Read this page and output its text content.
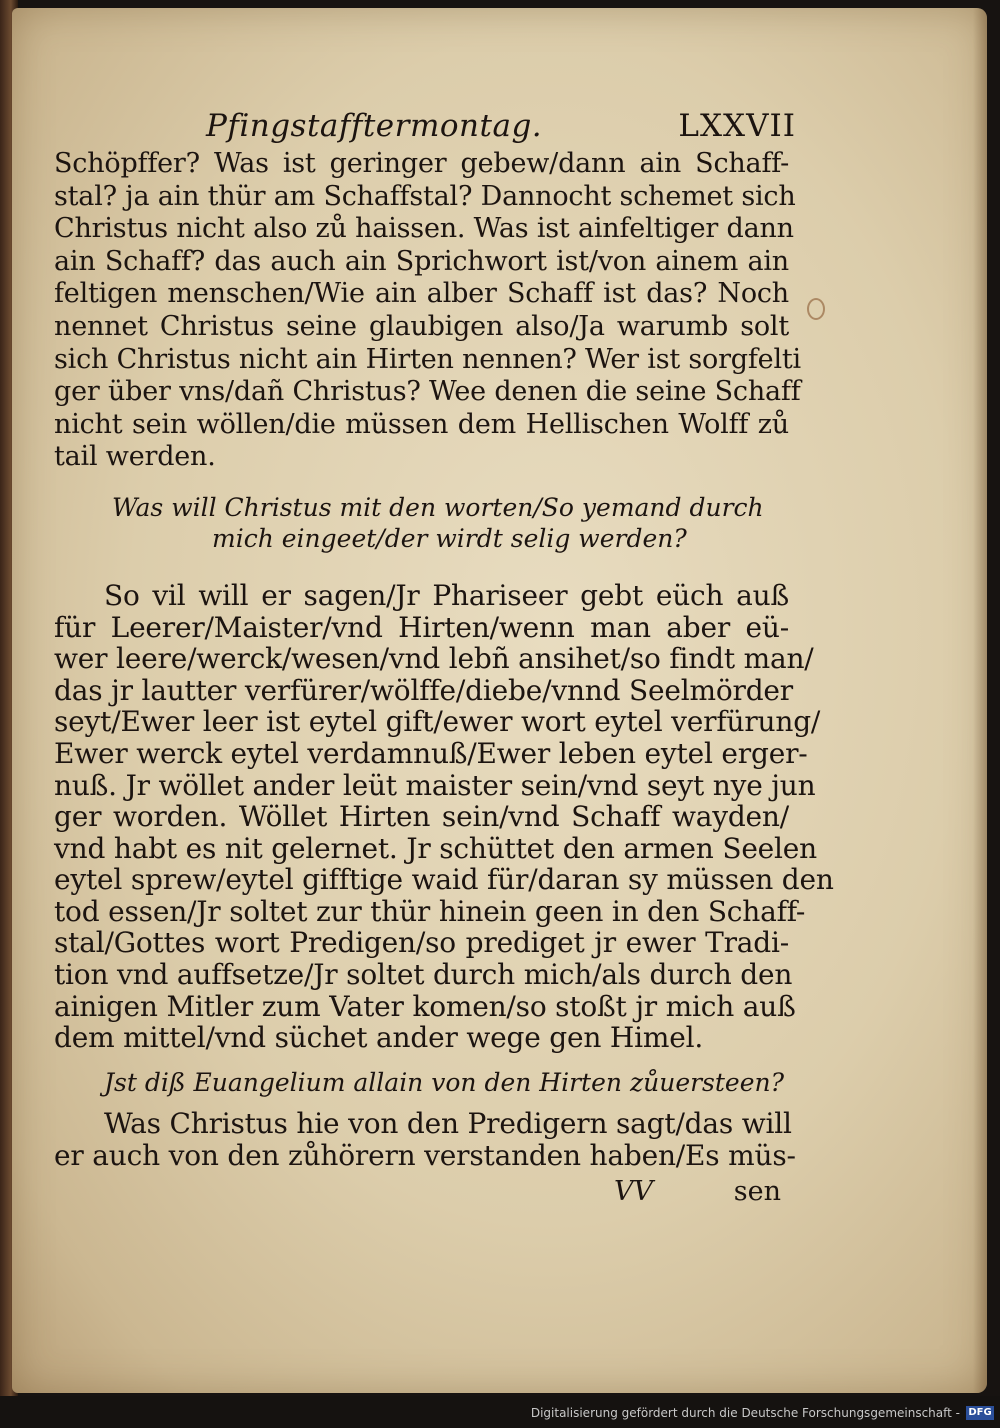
Pfingstafftermontag.	LXXVII
Schöpffer? Was ist geringer gebew/dann ain Schaff-
stal? ja ain thür am Schaffstal? Dannocht schemet sich
Christus nicht also zů haissen. Was ist ainfeltiger dann
ain Schaff? das auch ain Sprichwort ist/von ainem ain
feltigen menschen/Wie ain alber Schaff ist das? Noch
nennet Christus seine glaubigen also/Ja warumb solt
sich Christus nicht ain Hirten nennen? Wer ist sorgfelti
ger über vns/dañ Christus? Wee denen die seine Schaff
nicht sein wöllen/die müssen dem Hellischen Wolff zů
tail werden.
Was will Christus mit den worten/So yemand durch
mich eingeet/der wirdt selig werden?
So vil will er sagen/Jr Phariseer gebt eüch auß
für Leerer/Maister/vnd Hirten/wenn man aber eü-
wer leere/werck/wesen/vnd lebñ ansihet/so findt man/
das jr lautter verfürer/wölffe/diebe/vnnd Seelmörder
seyt/Ewer leer ist eytel gift/ewer wort eytel verfürung/
Ewer werck eytel verdamnuß/Ewer leben eytel erger-
nuß. Jr wöllet ander leüt maister sein/vnd seyt nye jun
ger worden. Wöllet Hirten sein/vnd Schaff wayden/
vnd habt es nit gelernet. Jr schüttet den armen Seelen
eytel sprew/eytel gifftige waid für/daran sy müssen den
tod essen/Jr soltet zur thür hinein geen in den Schaff-
stal/Gottes wort Predigen/so prediget jr ewer Tradi-
tion vnd auffsetze/Jr soltet durch mich/als durch den
ainigen Mitler zum Vater komen/so stoßt jr mich auß
dem mittel/vnd süchet ander wege gen Himel.
Jst diß Euangelium allain von den Hirten zůuersteen?
Was Christus hie von den Predigern sagt/das will
er auch von den zůhörern verstanden haben/Es müs-
VV	sen
Digitalisierung gefördert durch die Deutsche Forschungsgemeinschaft - DFG
